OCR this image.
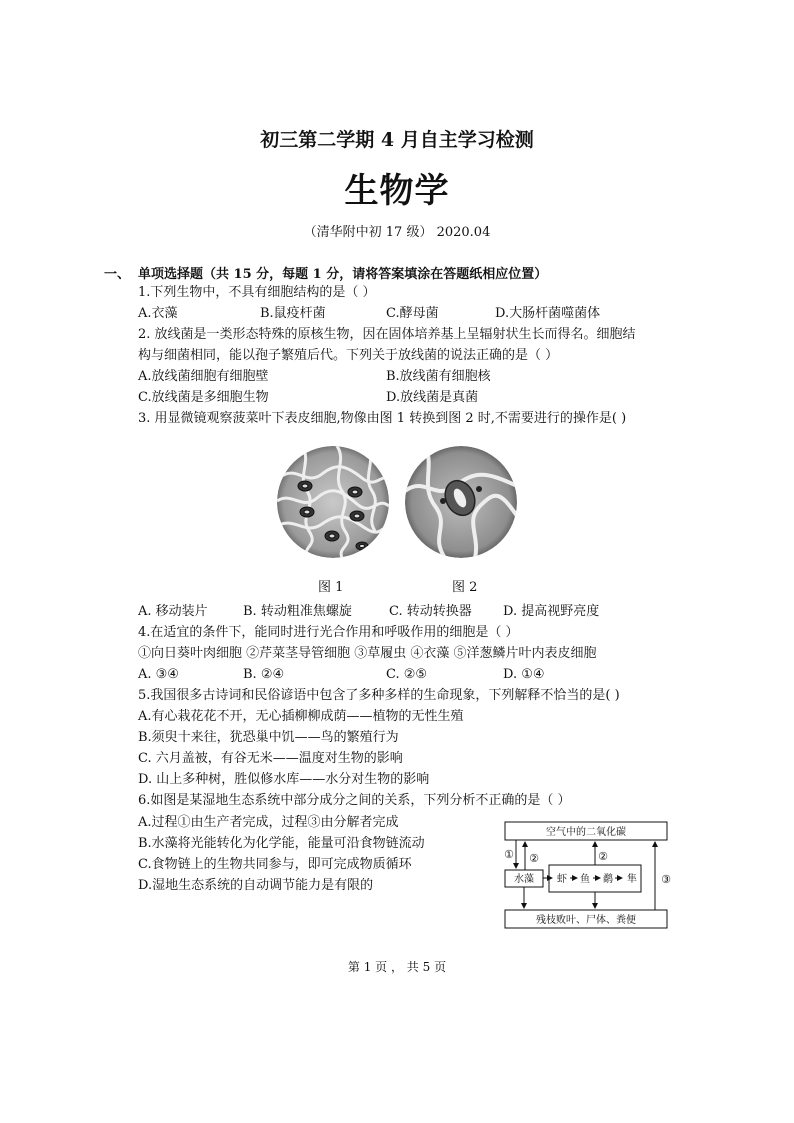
初三第二学期 4 月自主学习检测
生物学
（清华附中初 17 级） 2020.04
一、 单项选择题（共 15 分，每题 1 分，请将答案填涂在答题纸相应位置）
1.下列生物中，不具有细胞结构的是（ ）
A.衣藻	B.鼠疫杆菌	C.酵母菌	D.大肠杆菌噬菌体
2. 放线菌是一类形态特殊的原核生物，因在固体培养基上呈辐射状生长而得名。细胞结
构与细菌相同，能以孢子繁殖后代。下列关于放线菌的说法正确的是（ ）
A.放线菌细胞有细胞壁	B.放线菌有细胞核
C.放线菌是多细胞生物	D.放线菌是真菌
3. 用显微镜观察菠菜叶下表皮细胞,物像由图 1 转换到图 2 时,不需要进行的操作是( )
图 1	图 2
A. 移动装片	B. 转动粗准焦螺旋	C. 转动转换器 D. 提高视野亮度
4.在适宜的条件下，能同时进行光合作用和呼吸作用的细胞是（ ）
①向日葵叶肉细胞 ②芹菜茎导管细胞 ③草履虫 ④衣藻 ⑤洋葱鳞片叶内表皮细胞
A. ③④	B. ②④	C. ②⑤	D. ①④
5.我国很多古诗词和民俗谚语中包含了多种多样的生命现象，下列解释不恰当的是( )
A.有心栽花花不开，无心插柳柳成荫——植物的无性生殖
B.须臾十来往，犹恐巢中饥——鸟的繁殖行为
C. 六月盖被，有谷无米——温度对生物的影响
D. 山上多种树，胜似修水库——水分对生物的影响
6.如图是某湿地生态系统中部分成分之间的关系，下列分析不正确的是（ ）
A.过程①由生产者完成，过程③由分解者完成
B.水藻将光能转化为化学能，能量可沿食物链流动
C.食物链上的生物共同参与，即可完成物质循环
D.湿地生态系统的自动调节能力是有限的
空气中的二氧化碳
水藻 虾 鱼 鹬 隼
残枝败叶、尸体、粪便
① ②	②
③
第 1 页 ， 共 5 页
